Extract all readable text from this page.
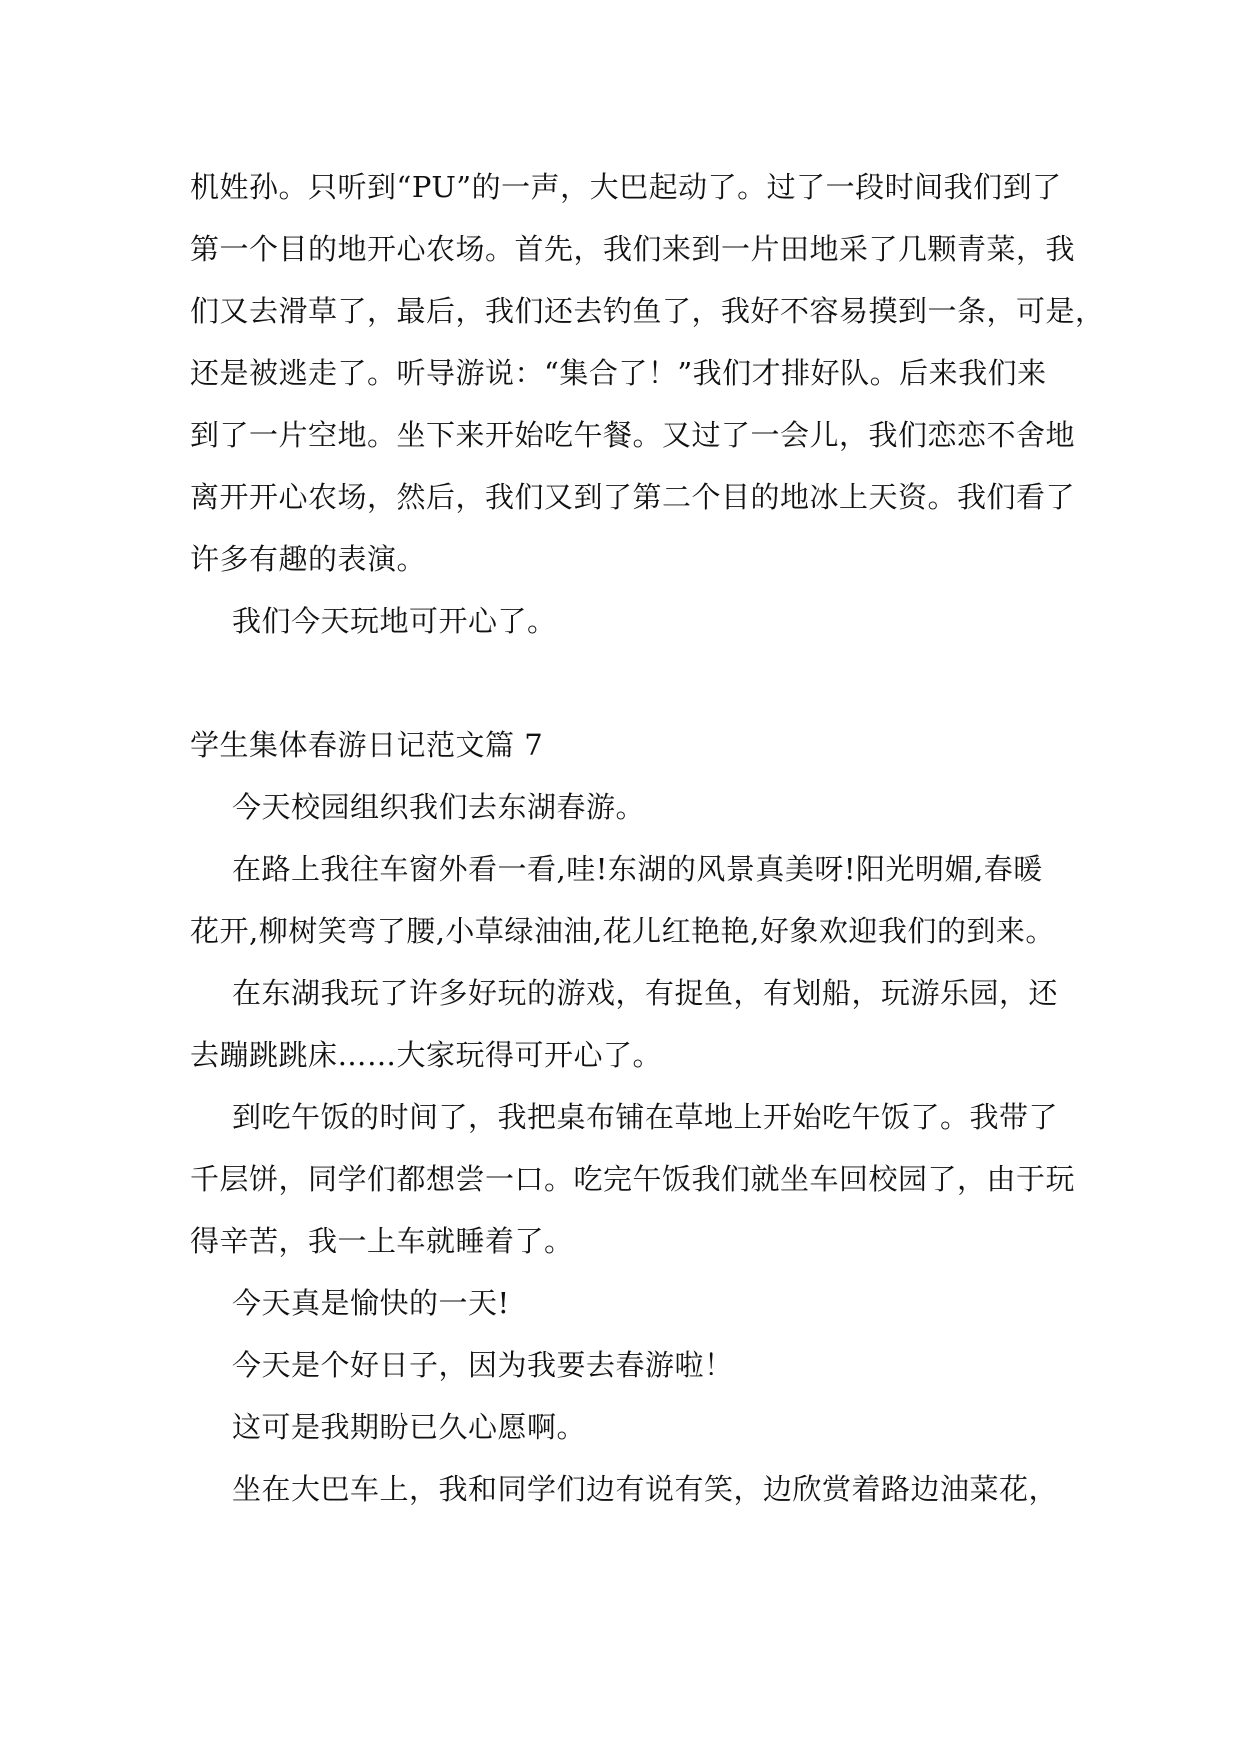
机姓孙。只听到“PU”的一声，大巴起动了。过了一段时间我们到了
第一个目的地开心农场。首先，我们来到一片田地采了几颗青菜，我
们又去滑草了，最后，我们还去钓鱼了，我好不容易摸到一条，可是，
还是被逃走了。听导游说：“集合了！”我们才排好队。后来我们来
到了一片空地。坐下来开始吃午餐。又过了一会儿，我们恋恋不舍地
离开开心农场，然后，我们又到了第二个目的地冰上天资。我们看了
许多有趣的表演。
我们今天玩地可开心了。
学生集体春游日记范文篇 7
今天校园组织我们去东湖春游。
在路上我往车窗外看一看,哇!东湖的风景真美呀!阳光明媚,春暖
花开,柳树笑弯了腰,小草绿油油,花儿红艳艳,好象欢迎我们的到来。
在东湖我玩了许多好玩的游戏，有捉鱼，有划船，玩游乐园，还
去蹦跳跳床……大家玩得可开心了。
到吃午饭的时间了，我把桌布铺在草地上开始吃午饭了。我带了
千层饼，同学们都想尝一口。吃完午饭我们就坐车回校园了，由于玩
得辛苦，我一上车就睡着了。
今天真是愉快的一天!
今天是个好日子，因为我要去春游啦！
这可是我期盼已久心愿啊。
坐在大巴车上，我和同学们边有说有笑，边欣赏着路边油菜花，
